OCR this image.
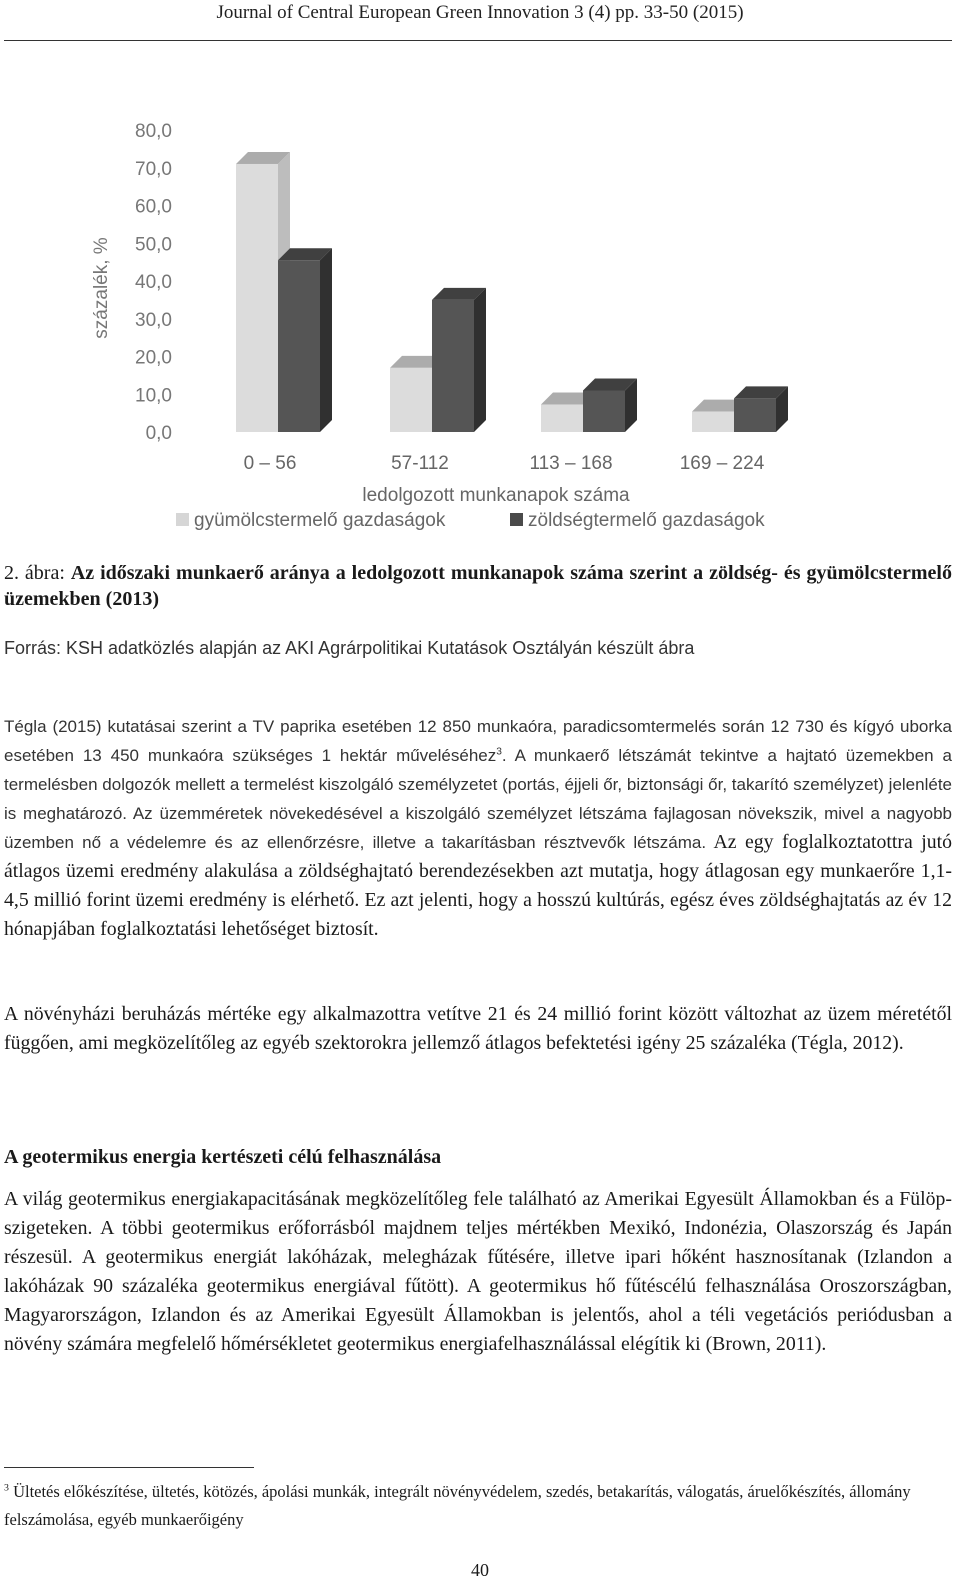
Journal of Central European Green Innovation 3 (4) pp. 33-50 (2015)
0,0
10,0
20,0
30,0
40,0
50,0
60,0
70,0
80,0
százalék, %
0 – 56	57-112	113 – 168	169 – 224
ledolgozott munkanapok száma
gyümölcstermelő gazdaságok	zöldségtermelő gazdaságok
2. ábra: Az időszaki munkaerő aránya a ledolgozott munkanapok száma szerint a zöldség- és gyümölcstermelő üzemekben (2013)
Forrás: KSH adatközlés alapján az AKI Agrárpolitikai Kutatások Osztályán készült ábra

Tégla (2015) kutatásai szerint a TV paprika esetében 12 850 munkaóra, paradicsomtermelés során 12 730 és kígyó uborka esetében 13 450 munkaóra szükséges 1 hektár műveléséhez$^3$. A munkaerő létszámát tekintve a hajtató üzemekben a termelésben dolgozók mellett a termelést kiszolgáló személyzetet (portás, éjjeli őr, biztonsági őr, takarító személyzet) jelenléte is meghatározó. Az üzemméretek növekedésével a kiszolgáló személyzet létszáma fajlagosan növekszik, mivel a nagyobb üzemben nő a védelemre és az ellenőrzésre, illetve a takarításban résztvevők létszáma. Az egy foglalkoztatottra jutó átlagos üzemi eredmény alakulása a zöldséghajtató berendezésekben azt mutatja, hogy átlagosan egy munkaerőre 1,1-4,5 millió forint üzemi eredmény is elérhető. Ez azt jelenti, hogy a hosszú kultúrás, egész éves zöldséghajtatás az év 12 hónapjában foglalkoztatási lehetőséget biztosít.

A növényházi beruházás mértéke egy alkalmazottra vetítve 21 és 24 millió forint között változhat az üzem méretétől függően, ami megközelítőleg az egyéb szektorokra jellemző átlagos befektetési igény 25 százaléka (Tégla, 2012).

A geotermikus energia kertészeti célú felhasználása

A világ geotermikus energiakapacitásának megközelítőleg fele található az Amerikai Egyesült Államokban és a Fülöp-szigeteken. A többi geotermikus erőforrásból majdnem teljes mértékben Mexikó, Indonézia, Olaszország és Japán részesül. A geotermikus energiát lakóházak, melegházak fűtésére, illetve ipari hőként hasznosítanak (Izlandon a lakóházak 90 százaléka geotermikus energiával fűtött). A geotermikus hő fűtéscélú felhasználása Oroszországban, Magyarországon, Izlandon és az Amerikai Egyesült Államokban is jelentős, ahol a téli vegetációs periódusban a növény számára megfelelő hőmérsékletet geotermikus energiafelhasználással elégítik ki (Brown, 2011).

$^3$ Ültetés előkészítése, ültetés, kötözés, ápolási munkák, integrált növényvédelem, szedés, betakarítás, válogatás, áruelőkészítés, állomány felszámolása, egyéb munkaerőigény
40
